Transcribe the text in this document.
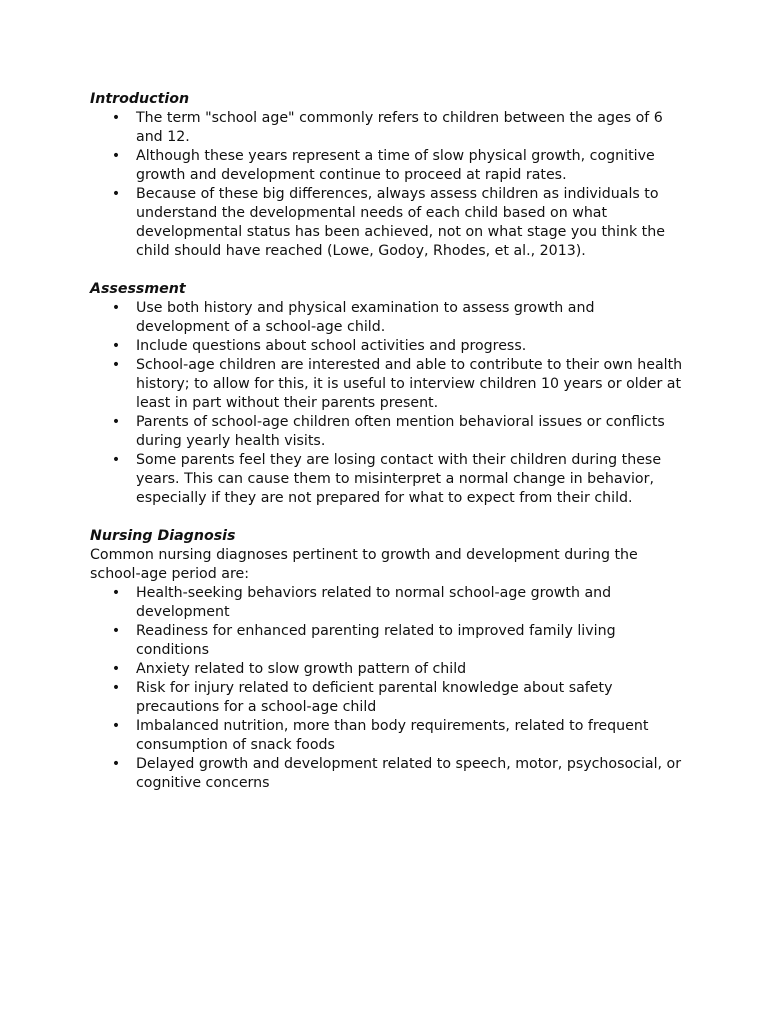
Introduction

• The term "school age" commonly refers to children between the ages of 6 and 12.
• Although these years represent a time of slow physical growth, cognitive growth and development continue to proceed at rapid rates.
• Because of these big differences, always assess children as individuals to understand the developmental needs of each child based on what developmental status has been achieved, not on what stage you think the child should have reached (Lowe, Godoy, Rhodes, et al., 2013).

Assessment

• Use both history and physical examination to assess growth and development of a school-age child.
• Include questions about school activities and progress.
• School-age children are interested and able to contribute to their own health history; to allow for this, it is useful to interview children 10 years or older at least in part without their parents present.
• Parents of school-age children often mention behavioral issues or conflicts during yearly health visits.
• Some parents feel they are losing contact with their children during these years. This can cause them to misinterpret a normal change in behavior, especially if they are not prepared for what to expect from their child.

Nursing Diagnosis

Common nursing diagnoses pertinent to growth and development during the school-age period are:

• Health-seeking behaviors related to normal school-age growth and development
• Readiness for enhanced parenting related to improved family living conditions
• Anxiety related to slow growth pattern of child
• Risk for injury related to deficient parental knowledge about safety precautions for a school-age child
• Imbalanced nutrition, more than body requirements, related to frequent consumption of snack foods
• Delayed growth and development related to speech, motor, psychosocial, or cognitive concerns
